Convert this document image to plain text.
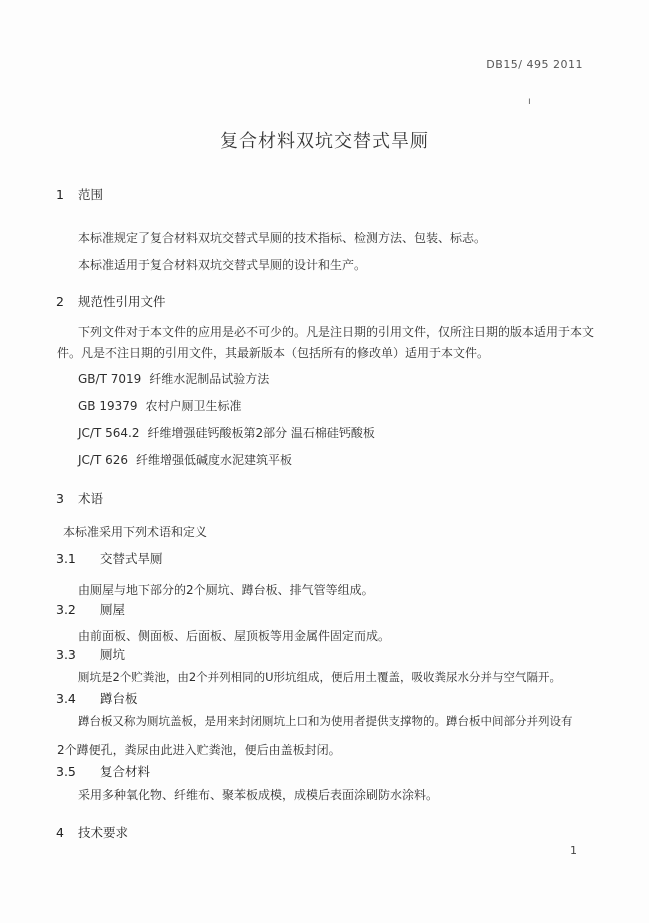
DB15/ 495 2011
ı
复合材料双坑交替式旱厕
1 范围
本标准规定了复合材料双坑交替式旱厕的技术指标、检测方法、包装、标志。
本标准适用于复合材料双坑交替式旱厕的设计和生产。
2 规范性引用文件
下列文件对于本文件的应用是必不可少的。凡是注日期的引用文件，仅所注日期的版本适用于本文
件。凡是不注日期的引用文件，其最新版本（包括所有的修改单）适用于本文件。
GB/T 7019 纤维水泥制品试验方法
GB 19379 农村户厕卫生标准
JC/T 564.2 纤维增强硅钙酸板第2部分 温石棉硅钙酸板
JC/T 626 纤维增强低碱度水泥建筑平板
3 术语
本标准采用下列术语和定义
3.1 交替式旱厕
由厕屋与地下部分的2个厕坑、蹲台板、排气管等组成。
3.2 厕屋
由前面板、侧面板、后面板、屋顶板等用金属件固定而成。
3.3 厕坑
厕坑是2个贮粪池，由2个并列相同的U形坑组成，便后用土覆盖，吸收粪尿水分并与空气隔开。
3.4 蹲台板
蹲台板又称为厕坑盖板，是用来封闭厕坑上口和为使用者提供支撑物的。蹲台板中间部分并列设有
2个蹲便孔，粪尿由此进入贮粪池，便后由盖板封闭。
3.5 复合材料
采用多种氧化物、纤维布、聚苯板成模，成模后表面涂刷防水涂料。
4 技术要求
1
